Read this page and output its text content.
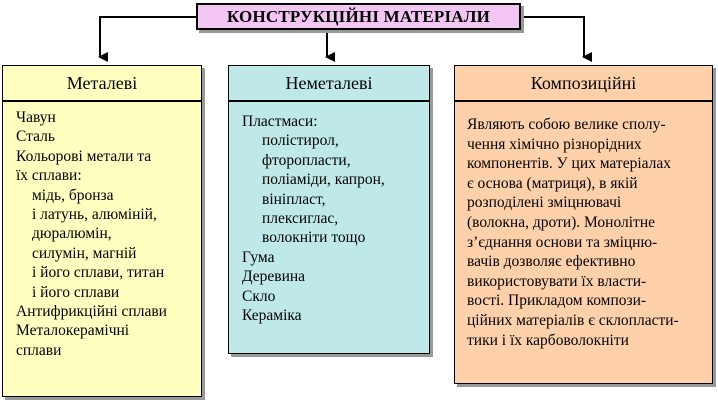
КОНСТРУКЦІЙНІ МАТЕРІАЛИ
Металеві
Чавун
Сталь
Кольорові метали та
їх сплави:
мідь, бронза
і латунь, алюміній,
дюралюмін,
силумін, магній
і його сплави, титан
і його сплави
Антифрикційні сплави
Металокерамічні
сплави
Неметалеві
Пластмаси:
полістирол,
фторопласти,
поліаміди, капрон,
вініпласт,
плексиглас,
волокніти тощо
Гума
Деревина
Скло
Кераміка
Композиційні
Являють собою велике сполу-
чення хімічно різнорідних
компонентів. У цих матеріалах
є основа (матриця), в якій
розподілені зміцнювачі
(волокна, дроти). Монолітне
з’єднання основи та зміцню-
вачів дозволяє ефективно
використовувати їх власти-
вості. Прикладом компози-
ційних матеріалів є склопласти-
тики і їх карбоволокніти
